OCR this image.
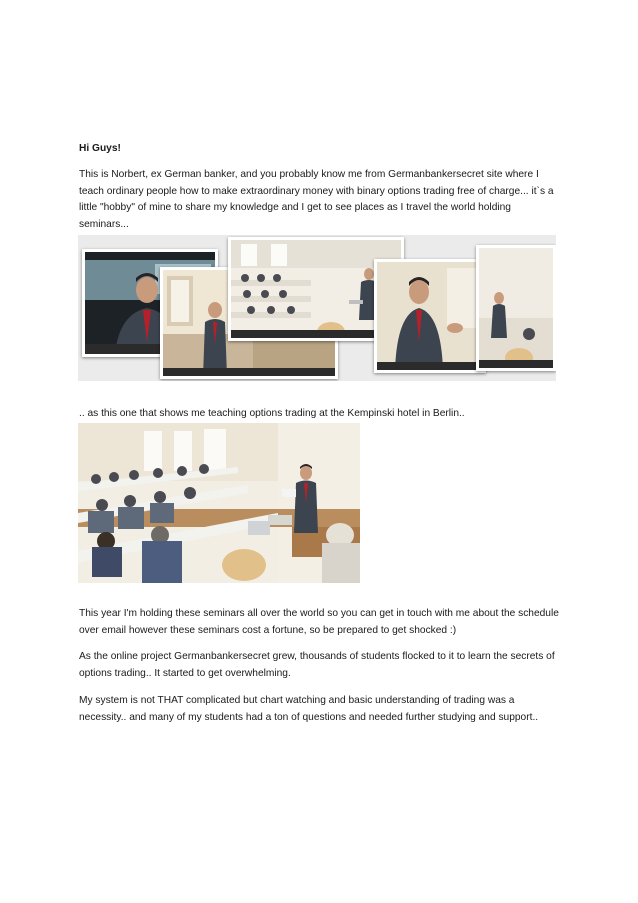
Hi Guys!

This is Norbert, ex German banker, and you probably know me from Germanbankersecret site where I teach ordinary people how to make extraordinary money with binary options trading free of charge... it`s a little "hobby" of mine to share my knowledge and I get to see places as I travel the world holding seminars...

.. as this one that shows me teaching options trading at the Kempinski hotel in Berlin..

This year I'm holding these seminars all over the world so you can get in touch with me about the schedule over email however these seminars cost a fortune, so be prepared to get shocked :)

As the online project Germanbankersecret grew, thousands of students flocked to it to learn the secrets of options trading.. It started to get overwhelming.

My system is not THAT complicated but chart watching and basic understanding of trading was a necessity.. and many of my students had a ton of questions and needed further studying and support..
